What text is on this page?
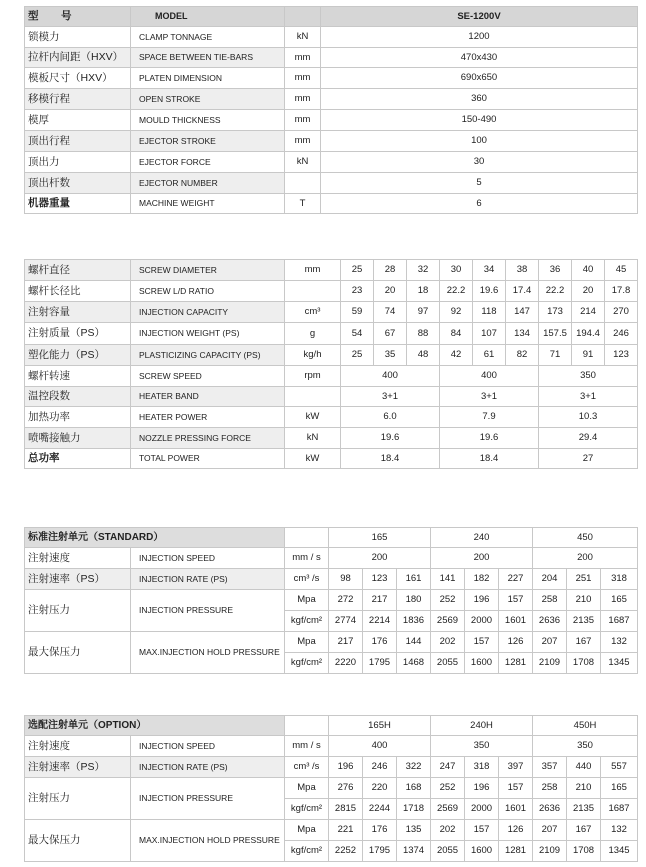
型　号	MODEL		SE-1200V
锁模力	CLAMP TONNAGE	kN	1200
拉杆内间距（HXV）	SPACE BETWEEN TIE-BARS	mm	470x430
模板尺寸（HXV）	PLATEN DIMENSION	mm	690x650
移模行程	OPEN STROKE	mm	360
模厚	MOULD THICKNESS	mm	150-490
顶出行程	EJECTOR STROKE	mm	100
顶出力	EJECTOR FORCE	kN	30
顶出杆数	EJECTOR NUMBER		5
机器重量	MACHINE WEIGHT	T	6
螺杆直径	SCREW DIAMETER	mm	25	28	32	30	34	38	36	40	45
螺杆长径比	SCREW L/D RATIO		23	20	18	22.2	19.6	17.4	22.2	20	17.8
注射容量	INJECTION CAPACITY	cm³	59	74	97	92	118	147	173	214	270
注射质量（PS）	INJECTION WEIGHT (PS)	g	54	67	88	84	107	134	157.5	194.4	246
塑化能力（PS）	PLASTICIZING CAPACITY (PS)	kg/h	25	35	48	42	61	82	71	91	123
螺杆转速	SCREW SPEED	rpm	400			400			350		
温控段数	HEATER BAND		3+1			3+1			3+1		
加热功率	HEATER POWER	kW	6.0			7.9			10.3		
喷嘴接触力	NOZZLE PRESSING FORCE	kN	19.6			19.6			29.4		
总功率	TOTAL POWER	kW	18.4			18.4			27		
标准注射单元（STANDARD）			165			240			450		
注射速度	INJECTION SPEED	mm / s	200			200			200		
注射速率（PS）	INJECTION RATE (PS)	cm³ /s	98	123	161	141	182	227	204	251	318
注射压力	INJECTION PRESSURE	Mpa	272	217	180	252	196	157	258	210	165
		kgf/cm²	2774	2214	1836	2569	2000	1601	2636	2135	1687
最大保压力	MAX.INJECTION HOLD PRESSURE	Mpa	217	176	144	202	157	126	207	167	132
		kgf/cm²	2220	1795	1468	2055	1600	1281	2109	1708	1345
选配注射单元（OPTION）			165H			240H			450H		
注射速度	INJECTION SPEED	mm / s	400			350			350		
注射速率（PS）	INJECTION RATE (PS)	cm³ /s	196	246	322	247	318	397	357	440	557
注射压力	INJECTION PRESSURE	Mpa	276	220	168	252	196	157	258	210	165
		kgf/cm²	2815	2244	1718	2569	2000	1601	2636	2135	1687
最大保压力	MAX.INJECTION HOLD PRESSURE	Mpa	221	176	135	202	157	126	207	167	132
		kgf/cm²	2252	1795	1374	2055	1600	1281	2109	1708	1345
